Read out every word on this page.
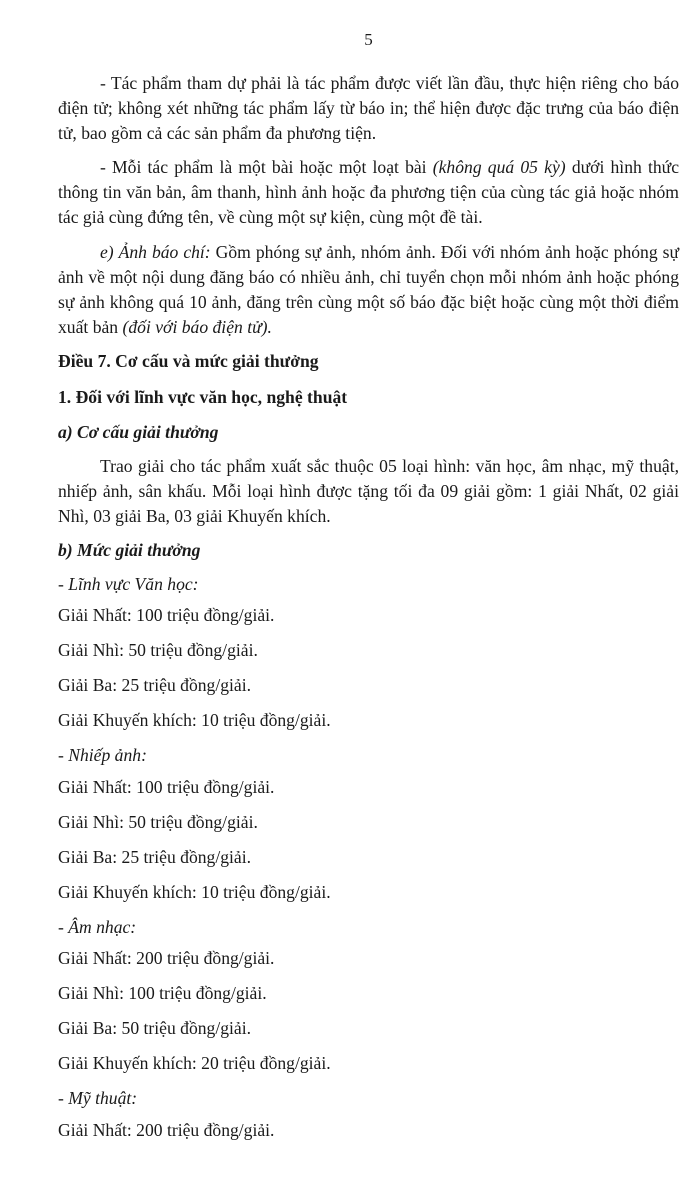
5

- Tác phẩm tham dự phải là tác phẩm được viết lần đầu, thực hiện riêng cho báo điện tử; không xét những tác phẩm lấy từ báo in; thể hiện được đặc trưng của báo điện tử, bao gồm cả các sản phẩm đa phương tiện.

- Mỗi tác phẩm là một bài hoặc một loạt bài (không quá 05 kỳ) dưới hình thức thông tin văn bản, âm thanh, hình ảnh hoặc đa phương tiện của cùng tác giả hoặc nhóm tác giả cùng đứng tên, về cùng một sự kiện, cùng một đề tài.

e) Ảnh báo chí: Gồm phóng sự ảnh, nhóm ảnh. Đối với nhóm ảnh hoặc phóng sự ảnh về một nội dung đăng báo có nhiều ảnh, chỉ tuyển chọn mỗi nhóm ảnh hoặc phóng sự ảnh không quá 10 ảnh, đăng trên cùng một số báo đặc biệt hoặc cùng một thời điểm xuất bản (đối với báo điện tử).

Điều 7. Cơ cấu và mức giải thưởng

1. Đối với lĩnh vực văn học, nghệ thuật

a) Cơ cấu giải thưởng

Trao giải cho tác phẩm xuất sắc thuộc 05 loại hình: văn học, âm nhạc, mỹ thuật, nhiếp ảnh, sân khấu. Mỗi loại hình được tặng tối đa 09 giải gồm: 1 giải Nhất, 02 giải Nhì, 03 giải Ba, 03 giải Khuyến khích.

b) Mức giải thưởng

- Lĩnh vực Văn học:

Giải Nhất: 100 triệu đồng/giải.

Giải Nhì: 50 triệu đồng/giải.

Giải Ba: 25 triệu đồng/giải.

Giải Khuyến khích: 10 triệu đồng/giải.

- Nhiếp ảnh:

Giải Nhất: 100 triệu đồng/giải.

Giải Nhì: 50 triệu đồng/giải.

Giải Ba: 25 triệu đồng/giải.

Giải Khuyến khích: 10 triệu đồng/giải.

- Âm nhạc:

Giải Nhất: 200 triệu đồng/giải.

Giải Nhì: 100 triệu đồng/giải.

Giải Ba: 50 triệu đồng/giải.

Giải Khuyến khích: 20 triệu đồng/giải.

- Mỹ thuật:

Giải Nhất: 200 triệu đồng/giải.
